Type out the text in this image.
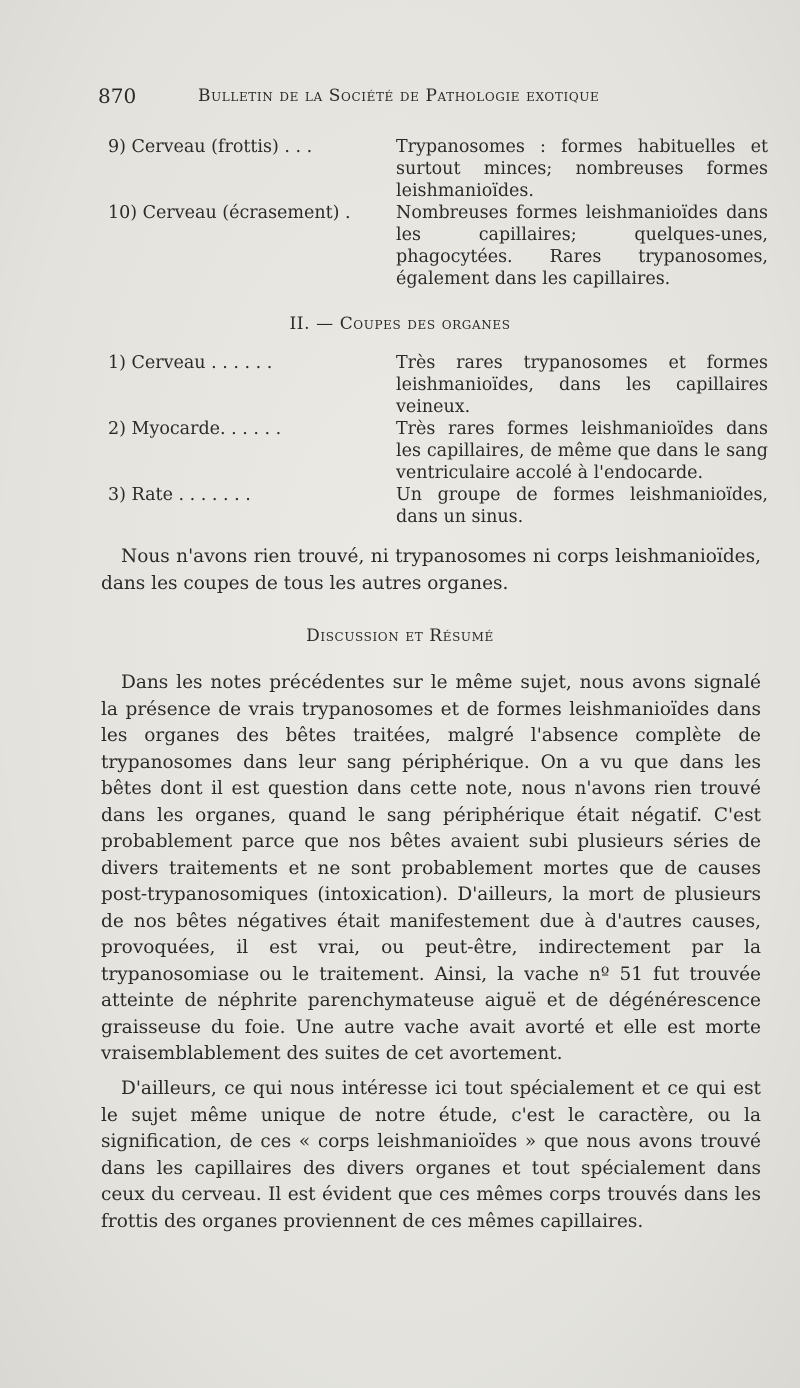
870	Bulletin de la Société de Pathologie exotique
9) Cerveau (frottis) . . .	Trypanosomes : formes habituelles et surtout minces; nombreuses formes leishmanioïdes.
10) Cerveau (écrasement) .	Nombreuses formes leishmanioïdes dans les capillaires; quelques-unes, phagocytées. Rares trypanosomes, également dans les capillaires.
II. — Coupes des organes
1) Cerveau . . . . . .	Très rares trypanosomes et formes leishmanioïdes, dans les capillaires veineux.
2) Myocarde. . . . . .	Très rares formes leishmanioïdes dans les capillaires, de même que dans le sang ventriculaire accolé à l'endocarde.
3) Rate . . . . . . .	Un groupe de formes leishmanioïdes, dans un sinus.

Nous n'avons rien trouvé, ni trypanosomes ni corps leishmanioïdes, dans les coupes de tous les autres organes.

Discussion et Résumé

Dans les notes précédentes sur le même sujet, nous avons signalé la présence de vrais trypanosomes et de formes leishmanioïdes dans les organes des bêtes traitées, malgré l'absence complète de trypanosomes dans leur sang périphérique. On a vu que dans les bêtes dont il est question dans cette note, nous n'avons rien trouvé dans les organes, quand le sang périphérique était négatif. C'est probablement parce que nos bêtes avaient subi plusieurs séries de divers traitements et ne sont probablement mortes que de causes post-trypanosomiques (intoxication). D'ailleurs, la mort de plusieurs de nos bêtes négatives était manifestement due à d'autres causes, provoquées, il est vrai, ou peut-être, indirectement par la trypanosomiase ou le traitement. Ainsi, la vache nº 51 fut trouvée atteinte de néphrite parenchymateuse aiguë et de dégénérescence graisseuse du foie. Une autre vache avait avorté et elle est morte vraisemblablement des suites de cet avortement.

D'ailleurs, ce qui nous intéresse ici tout spécialement et ce qui est le sujet même unique de notre étude, c'est le caractère, ou la signification, de ces « corps leishmanioïdes » que nous avons trouvé dans les capillaires des divers organes et tout spécialement dans ceux du cerveau. Il est évident que ces mêmes corps trouvés dans les frottis des organes proviennent de ces mêmes capillaires.
